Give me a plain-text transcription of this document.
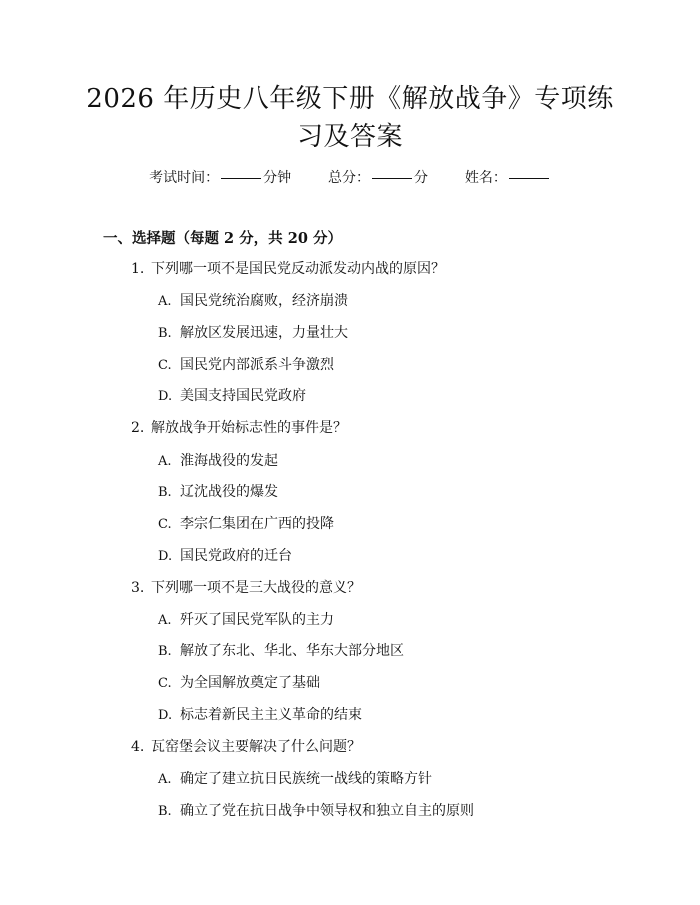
2026 年历史八年级下册《解放战争》专项练
习及答案
考试时间：	分钟	总分：	分	姓名：
一、选择题（每题 2 分，共 20 分）
1. 下列哪一项不是国民党反动派发动内战的原因？
A. 国民党统治腐败，经济崩溃
B. 解放区发展迅速，力量壮大
C. 国民党内部派系斗争激烈
D. 美国支持国民党政府
2. 解放战争开始标志性的事件是？
A. 淮海战役的发起
B. 辽沈战役的爆发
C. 李宗仁集团在广西的投降
D. 国民党政府的迁台
3. 下列哪一项不是三大战役的意义？
A. 歼灭了国民党军队的主力
B. 解放了东北、华北、华东大部分地区
C. 为全国解放奠定了基础
D. 标志着新民主主义革命的结束
4. 瓦窑堡会议主要解决了什么问题？
A. 确定了建立抗日民族统一战线的策略方针
B. 确立了党在抗日战争中领导权和独立自主的原则
